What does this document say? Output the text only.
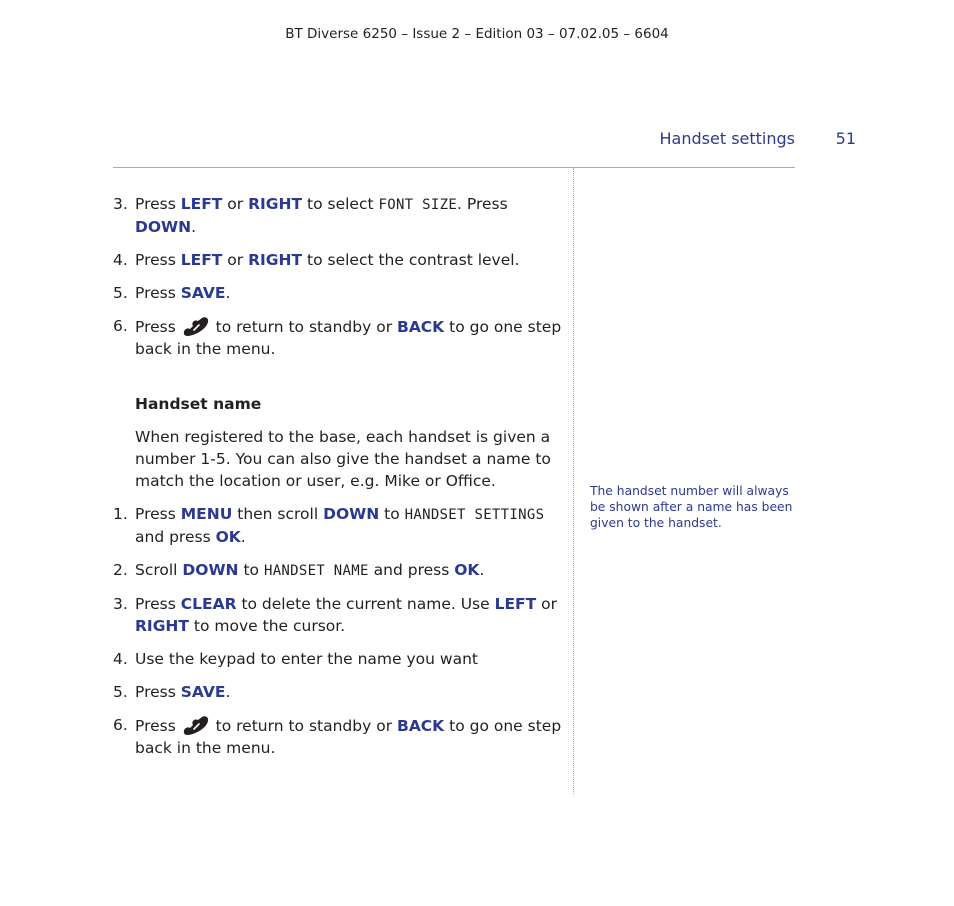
BT Diverse 6250 – Issue 2 – Edition 03 – 07.02.05 – 6604
Handset settings	51
3. Press LEFT or RIGHT to select FONT SIZE. Press DOWN.
4. Press LEFT or RIGHT to select the contrast level.
5. Press SAVE.
6. Press  to return to standby or BACK to go one step back in the menu.
Handset name

When registered to the base, each handset is given a number 1-5. You can also give the handset a name to match the location or user, e.g. Mike or Office.

1. Press MENU then scroll DOWN to HANDSET SETTINGS and press OK.
2. Scroll DOWN to HANDSET NAME and press OK.
3. Press CLEAR to delete the current name. Use LEFT or RIGHT to move the cursor.
4. Use the keypad to enter the name you want
5. Press SAVE.
6. Press  to return to standby or BACK to go one step back in the menu.
The handset number will always be shown after a name has been given to the handset.
